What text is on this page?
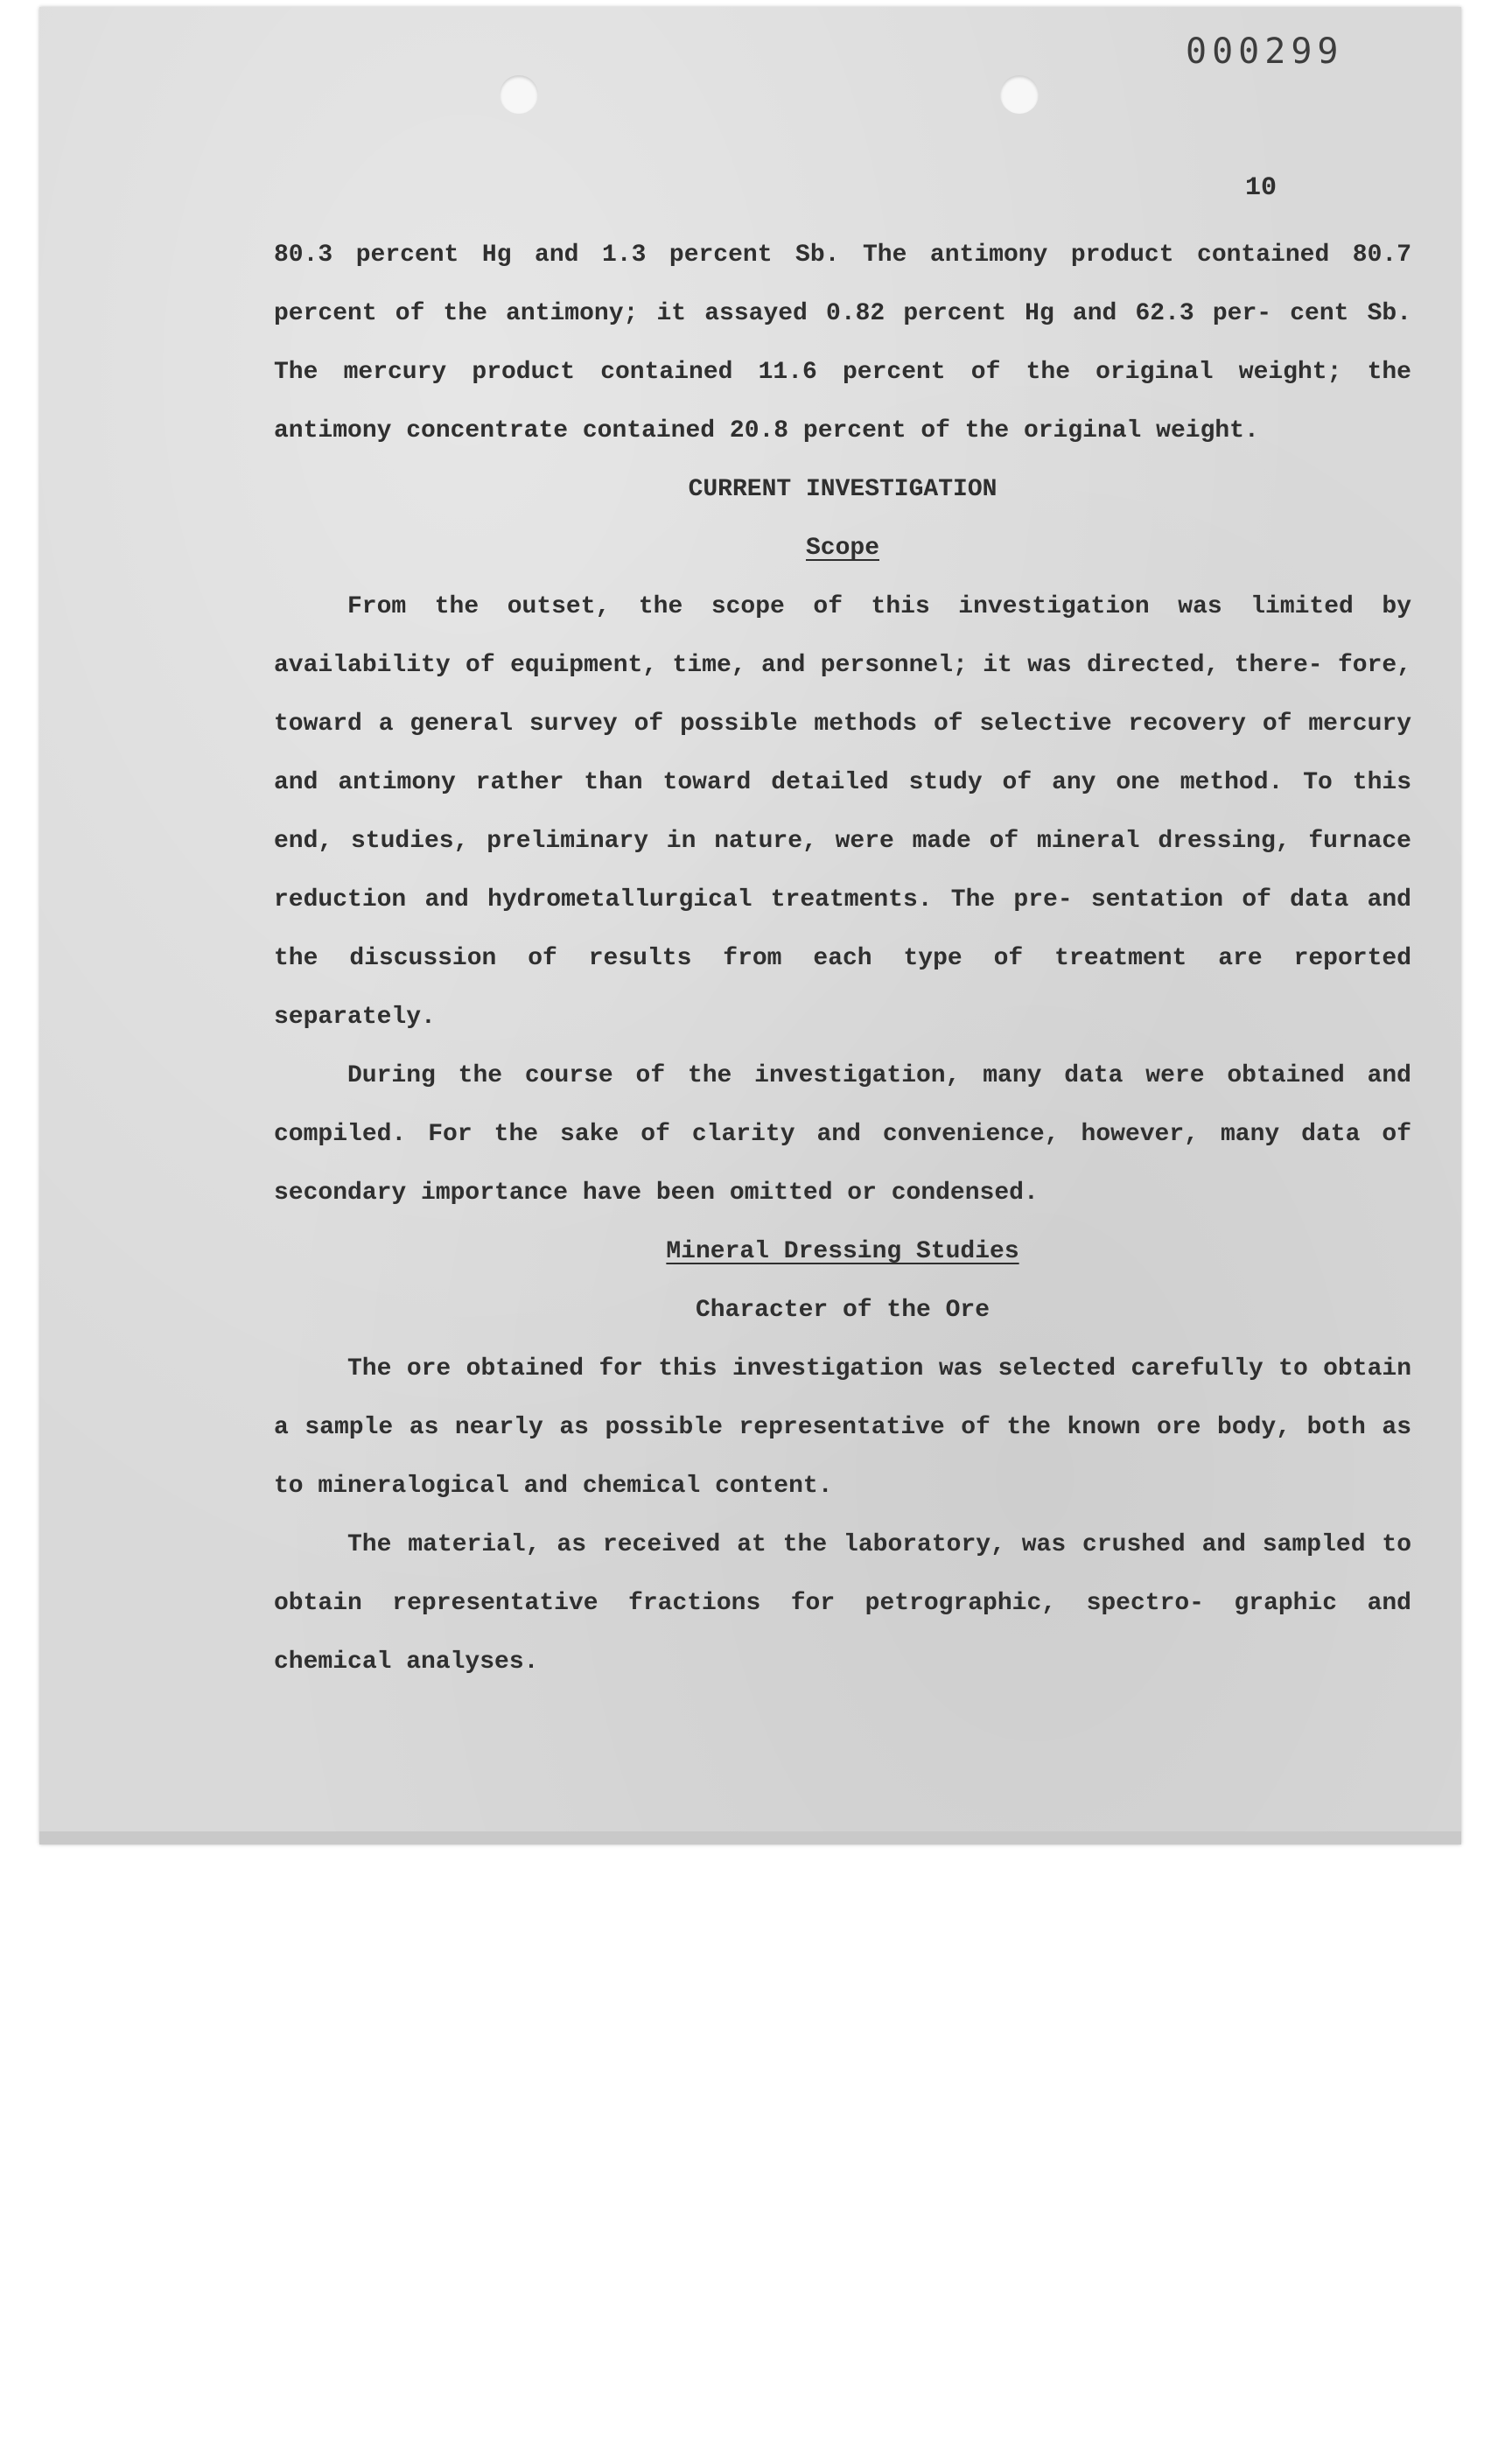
000299
10

80.3 percent Hg and 1.3 percent Sb. The antimony product contained 80.7 percent of the antimony; it assayed 0.82 percent Hg and 62.3 per- cent Sb. The mercury product contained 11.6 percent of the original weight; the antimony concentrate contained 20.8 percent of the original weight.

CURRENT INVESTIGATION

Scope

From the outset, the scope of this investigation was limited by availability of equipment, time, and personnel; it was directed, there- fore, toward a general survey of possible methods of selective recovery of mercury and antimony rather than toward detailed study of any one method. To this end, studies, preliminary in nature, were made of mineral dressing, furnace reduction and hydrometallurgical treatments. The pre- sentation of data and the discussion of results from each type of treatment are reported separately.

During the course of the investigation, many data were obtained and compiled. For the sake of clarity and convenience, however, many data of secondary importance have been omitted or condensed.

Mineral Dressing Studies

Character of the Ore

The ore obtained for this investigation was selected carefully to obtain a sample as nearly as possible representative of the known ore body, both as to mineralogical and chemical content.

The material, as received at the laboratory, was crushed and sampled to obtain representative fractions for petrographic, spectro- graphic and chemical analyses.
